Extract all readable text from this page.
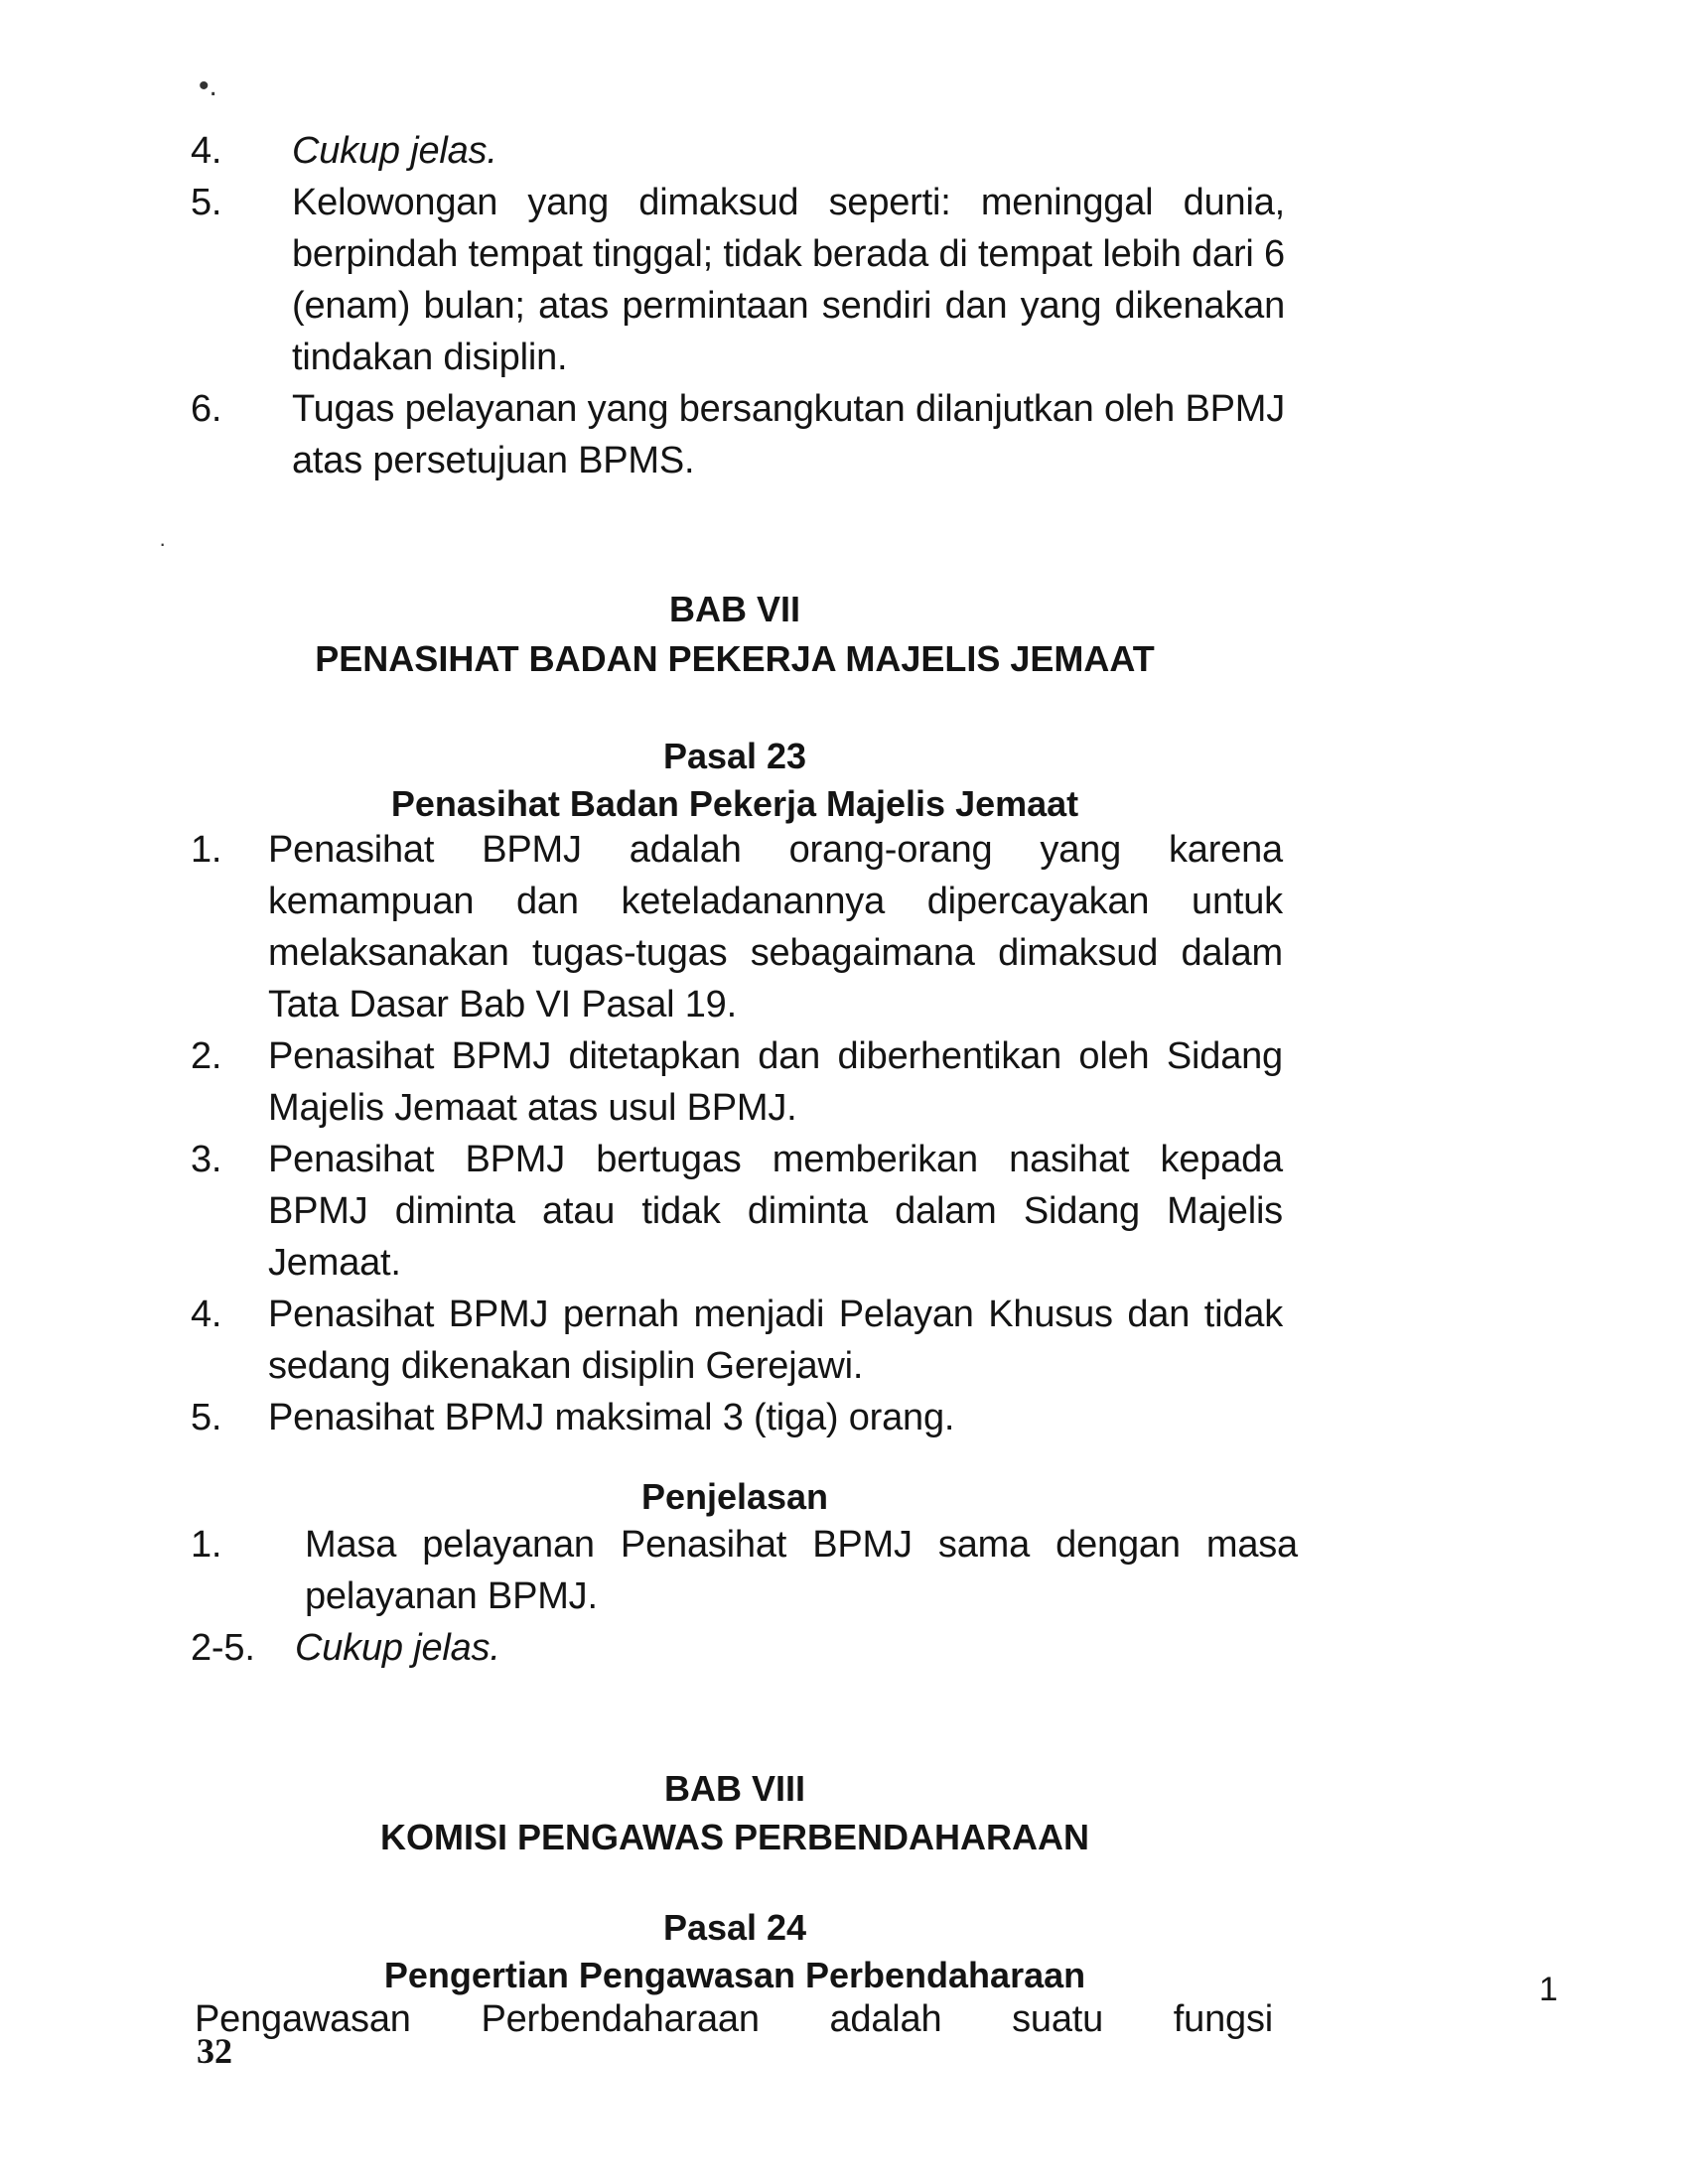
•.
4. Cukup jelas.
5. Kelowongan yang dimaksud seperti: meninggal dunia, berpindah tempat tinggal; tidak berada di tempat lebih dari 6 (enam) bulan; atas permintaan sendiri dan yang dikenakan tindakan disiplin.
6. Tugas pelayanan yang bersangkutan dilanjutkan oleh BPMJ atas persetujuan BPMS.
·
BAB VII
PENASIHAT BADAN PEKERJA MAJELIS JEMAAT
Pasal 23
Penasihat Badan Pekerja Majelis Jemaat
1. Penasihat BPMJ adalah orang-orang yang karena kemampuan dan keteladanannya dipercayakan untuk melaksanakan tugas-tugas sebagaimana dimaksud dalam Tata Dasar Bab VI Pasal 19.
2. Penasihat BPMJ ditetapkan dan diberhentikan oleh Sidang Majelis Jemaat atas usul BPMJ.
3. Penasihat BPMJ bertugas memberikan nasihat kepada BPMJ diminta atau tidak diminta dalam Sidang Majelis Jemaat.
4. Penasihat BPMJ pernah menjadi Pelayan Khusus dan tidak sedang dikenakan disiplin Gerejawi.
5. Penasihat BPMJ maksimal 3 (tiga) orang.
Penjelasan
1. Masa pelayanan Penasihat BPMJ sama dengan masa pelayanan BPMJ.
2-5. Cukup jelas.
BAB VIII
KOMISI PENGAWAS PERBENDAHARAAN
Pasal 24
Pengertian Pengawasan Perbendaharaan
Pengawasan Perbendaharaan adalah suatu fungsi
1
32
